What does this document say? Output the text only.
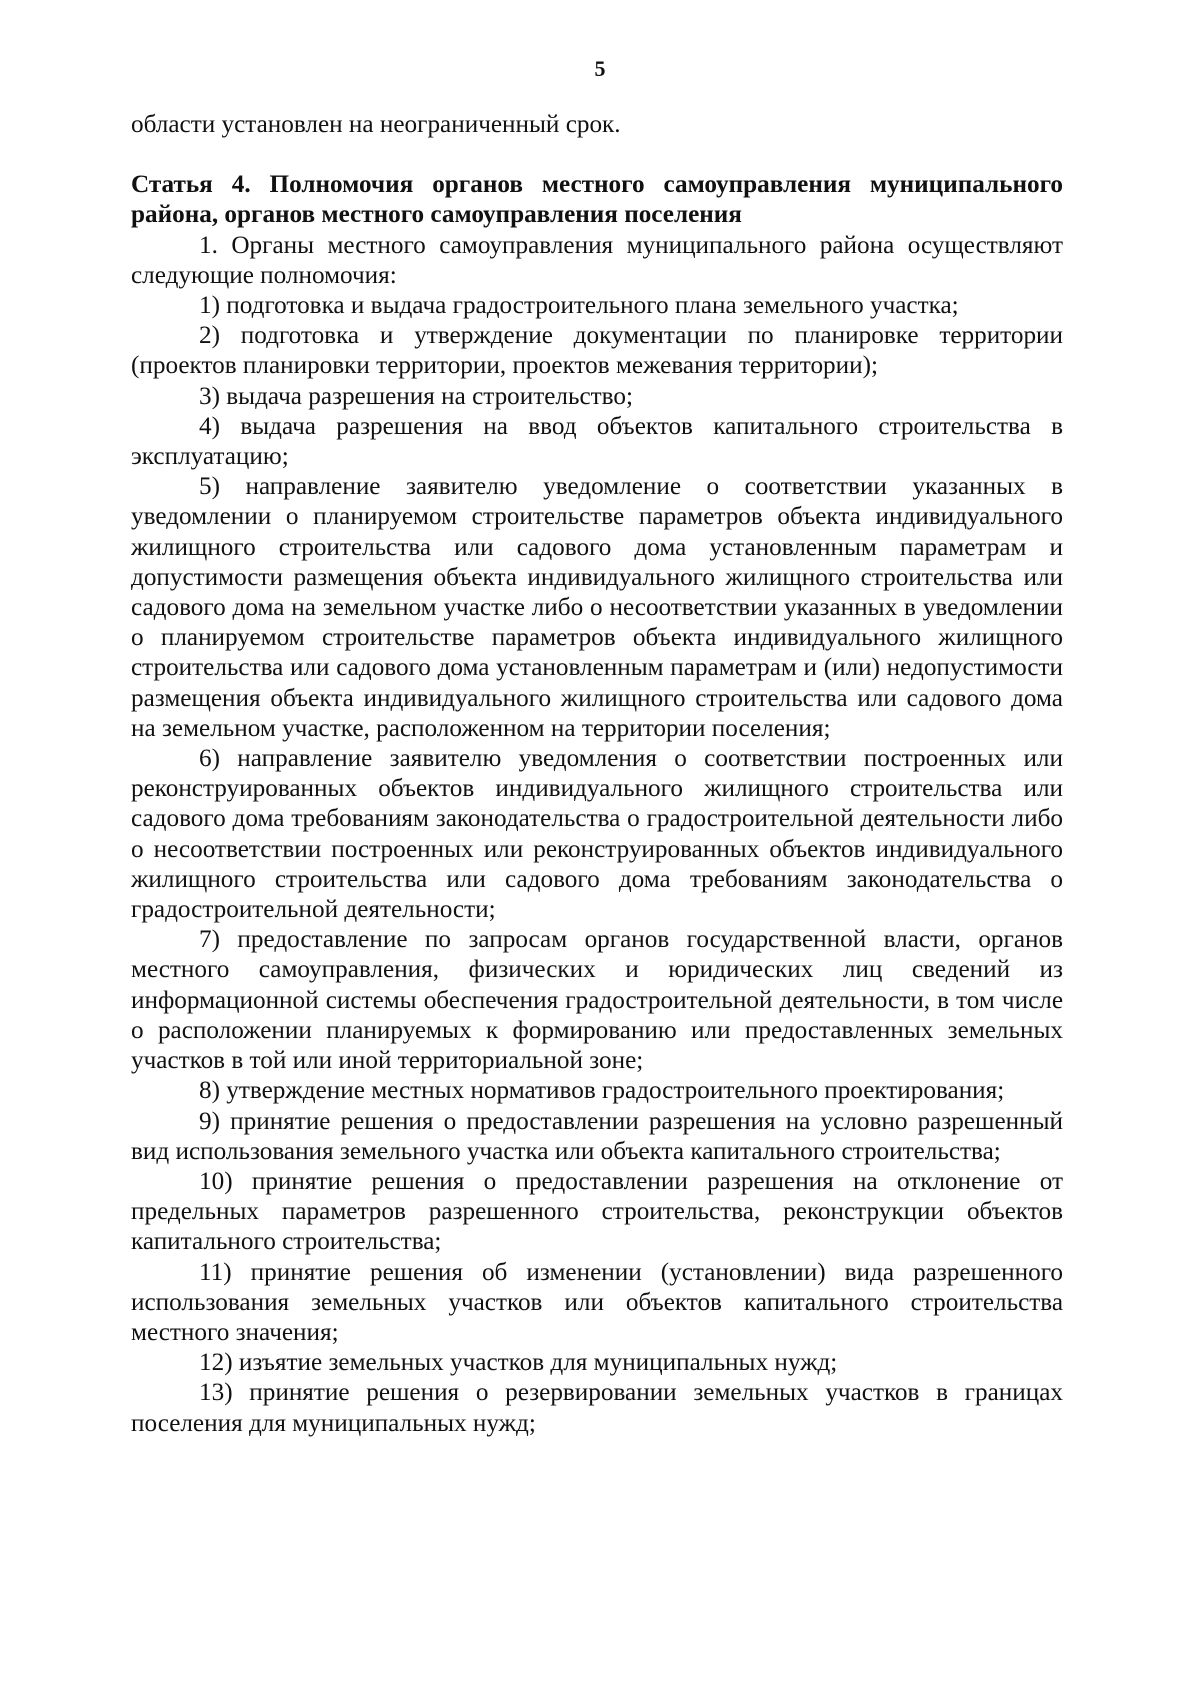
5

области установлен на неограниченный срок.

Статья 4. Полномочия органов местного самоуправления муниципального района, органов местного самоуправления поселения

1. Органы местного самоуправления муниципального района осуществляют следующие полномочия:

1) подготовка и выдача градостроительного плана земельного участка;

2) подготовка и утверждение документации по планировке территории (проектов планировки территории, проектов межевания территории);

3) выдача разрешения на строительство;

4) выдача разрешения на ввод объектов капитального строительства в эксплуатацию;

5) направление заявителю уведомление о соответствии указанных в уведомлении о планируемом строительстве параметров объекта индивидуального жилищного строительства или садового дома установленным параметрам и допустимости размещения объекта индивидуального жилищного строительства или садового дома на земельном участке либо о несоответствии указанных в уведомлении о планируемом строительстве параметров объекта индивидуального жилищного строительства или садового дома установленным параметрам и (или) недопустимости размещения объекта индивидуального жилищного строительства или садового дома на земельном участке, расположенном на территории поселения;

6) направление заявителю уведомления о соответствии построенных или реконструированных объектов индивидуального жилищного строительства или садового дома требованиям законодательства о градостроительной деятельности либо о несоответствии построенных или реконструированных объектов индивидуального жилищного строительства или садового дома требованиям законодательства о градостроительной деятельности;

7) предоставление по запросам органов государственной власти, органов местного самоуправления, физических и юридических лиц сведений из информационной системы обеспечения градостроительной деятельности, в том числе о расположении планируемых к формированию или предоставленных земельных участков в той или иной территориальной зоне;

8) утверждение местных нормативов градостроительного проектирования;

9) принятие решения о предоставлении разрешения на условно разрешенный вид использования земельного участка или объекта капитального строительства;

10) принятие решения о предоставлении разрешения на отклонение от предельных параметров разрешенного строительства, реконструкции объектов капитального строительства;

11) принятие решения об изменении (установлении) вида разрешенного использования земельных участков или объектов капитального строительства местного значения;

12) изъятие земельных участков для муниципальных нужд;

13) принятие решения о резервировании земельных участков в границах поселения для муниципальных нужд;
